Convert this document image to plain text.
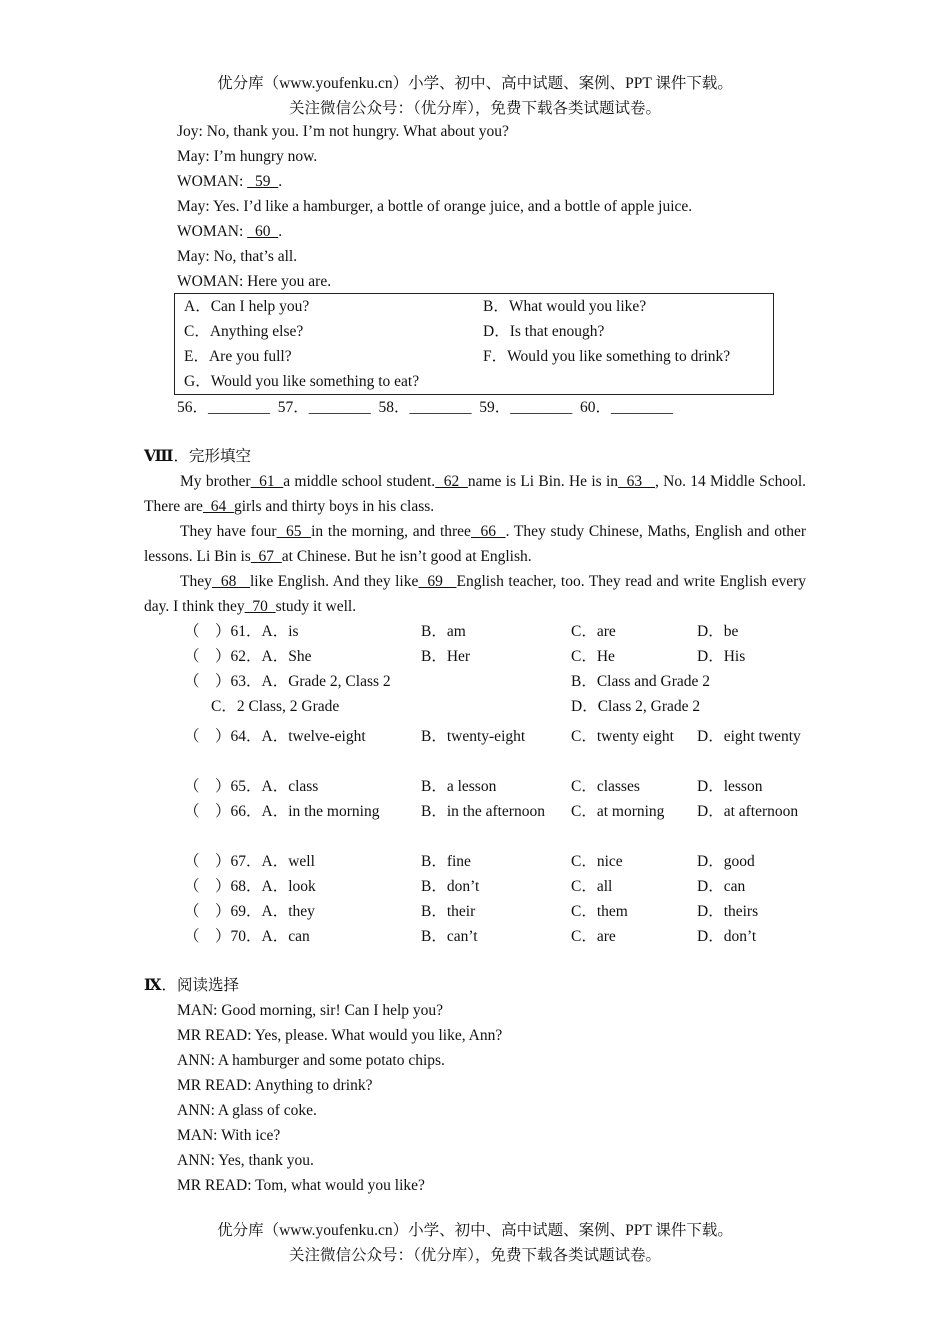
优分库（www.youfenku.cn）小学、初中、高中试题、案例、PPT 课件下载。
关注微信公众号：（优分库），免费下载各类试题试卷。
Joy: No, thank you. I’m not hungry. What about you?
May: I’m hungry now.
WOMAN:   59  .
May: Yes. I’d like a hamburger, a bottle of orange juice, and a bottle of apple juice.
WOMAN:   60  .
May: No, that’s all.
WOMAN: Here you are.
A．Can I help you?	B．What would you like?
C．Anything else?	D．Is that enough?
E．Are you full?	F．Would you like something to drink?
G．Would you like something to eat?
56．________  57．________  58．________  59．________  60．________
Ⅷ．完形填空
My brother  61  a middle school student.  62  name is Li Bin. He is in  63   , No. 14 Middle School. There are  64  girls and thirty boys in his class.
They have four  65  in the morning, and three  66  . They study Chinese, Maths, English and other lessons. Li Bin is  67  at Chinese. But he isn’t good at English.
They  68   like English. And they like  69   English teacher, too. They read and write English every day. I think they  70  study it well.
（　）61．A．is	B．am	C．are	D．be
（　）62．A．She	B．Her	C．He	D．His
（　）63．A．Grade 2, Class 2	B．Class and Grade 2
C．2 Class, 2 Grade	D．Class 2, Grade 2
（　）64．A．twelve-eight	B．twenty-eight	C．twenty eight	D．eight twenty
（　）65．A．class	B．a lesson	C．classes	D．lesson
（　）66．A．in the morning	B．in the afternoon	C．at morning D．at afternoon
（　）67．A．well	B．fine	C．nice	D．good
（　）68．A．look	B．don’t	C．all	D．can
（　）69．A．they	B．their	C．them	D．theirs
（　）70．A．can	B．can’t	C．are	D．don’t
Ⅸ．阅读选择
MAN: Good morning, sir! Can I help you?
MR READ: Yes, please. What would you like, Ann?
ANN: A hamburger and some potato chips.
MR READ: Anything to drink?
ANN: A glass of coke.
MAN: With ice?
ANN: Yes, thank you.
MR READ: Tom, what would you like?
优分库（www.youfenku.cn）小学、初中、高中试题、案例、PPT 课件下载。
关注微信公众号：（优分库），免费下载各类试题试卷。
